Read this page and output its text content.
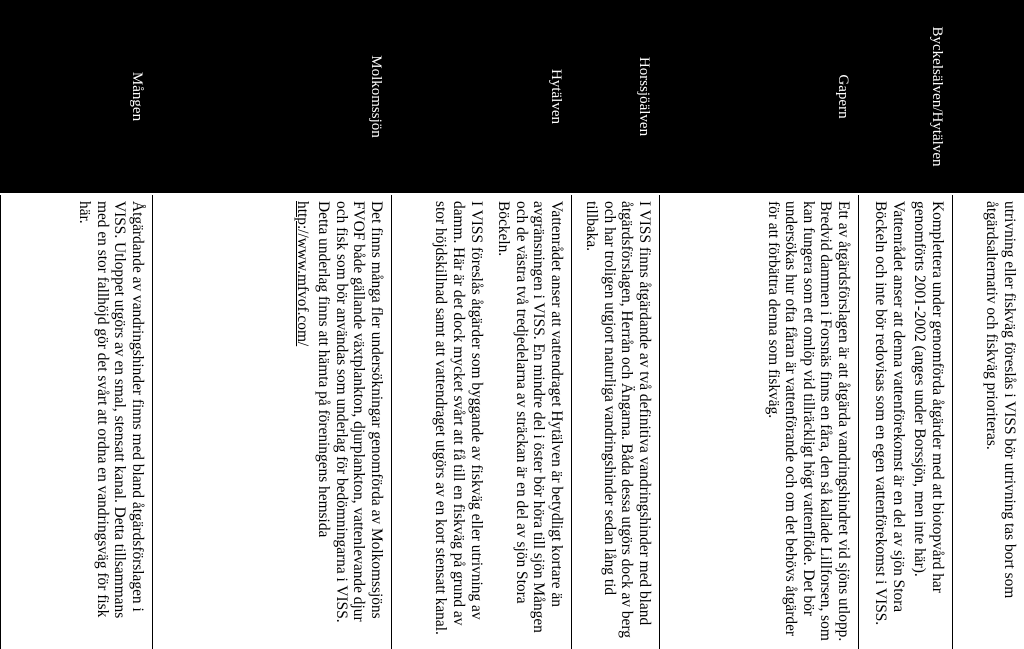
utrivning eller fiskväg föreslås i VISS bör utrivning tas bort som åtgärdsalternativ och fiskväg prioriteras.

Byckelsälven/Hytälven

Komplettera under genomförda åtgärder med att biotopvård har genomförts 2001-2002 (anges under Borssjön, men inte här).

Vattenrådet anser att denna vattenförekomst är en del av sjön Stora Böckeln och inte bör redovisas som en egen vattenförekomst i VISS.

Gapern

Ett av åtgärdsförslagen är att åtgärda vandringshindret vid sjöns utlopp. Bredvid dammen i Forsnäs finns en fåra, den så kallade Lillforsen, som kan fungera som ett omlöp vid tillräckligt högt vattenflöde. Det bör undersökas hur ofta fåran är vattenförande och om det behövs åtgärder för att förbättra denna som fiskväg.

Horssjöälven

I VISS finns åtgärdande av två definitiva vandringshinder med bland åtgärdsförslagen, Herrån och Ängarna. Båda dessa utgörs dock av berg och har troligen utgjort naturliga vandringshinder sedan lång tid tillbaka.

Hytälven

Vattenrådet anser att vattendraget Hytälven är betydligt kortare än avgränsningen i VISS. En mindre del i öster bör höra till sjön Mången och de västra två tredjedelarna av sträckan är en del av sjön Stora Böckeln.

I VISS föreslås åtgärder som byggande av fiskväg eller utrivning av damm. Här är det dock mycket svårt att få till en fiskväg på grund av stor höjdskillnad samt att vattendraget utgörs av en kort stensatt kanal.

Molkomssjön

Det finns många fler undersökningar genomförda av Molkomssjöns FVOF både gällande växtplankton, djurplankton, vattenlevande djur och fisk som bör användas som underlag för bedömningarna i VISS. Detta underlag finns att hämta på föreningens hemsida

http://www.mfvof.com/

Mången

Åtgärdande av vandringshinder finns med bland åtgärdsförslagen i VISS. Utloppet utgörs av en smal, stensatt kanal. Detta tillsammans med en stor fallhöjd gör det svårt att ordna en vandringsväg för fisk här.
